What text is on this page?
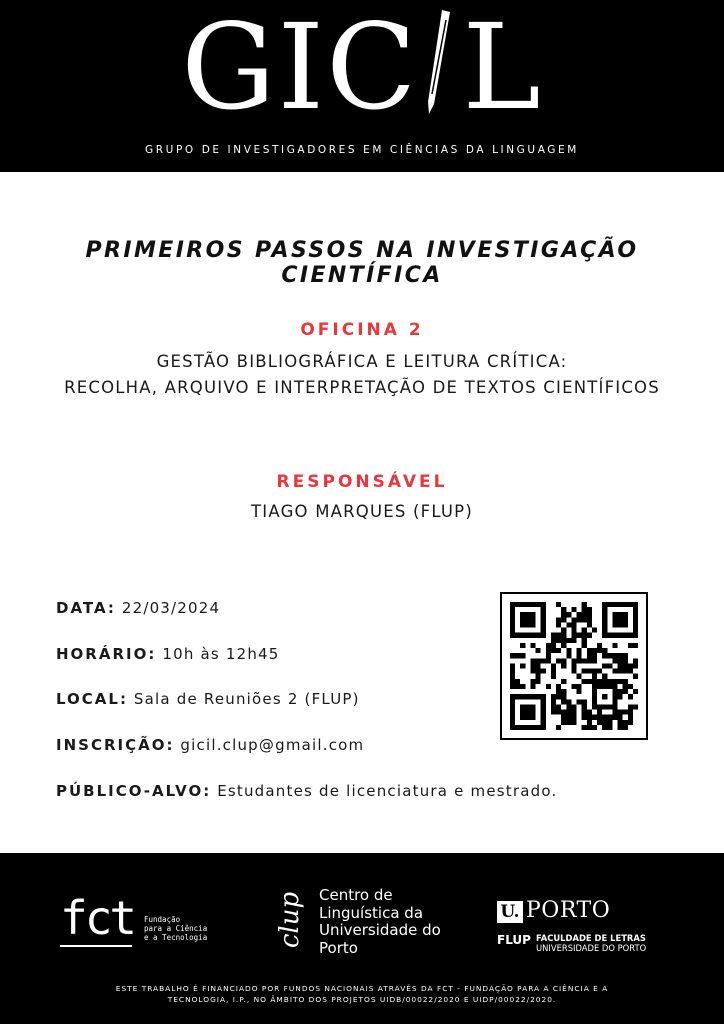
GIC L
GRUPO DE INVESTIGADORES EM CIÊNCIAS DA LINGUAGEM
PRIMEIROS PASSOS NA INVESTIGAÇÃO CIENTÍFICA
OFICINA 2
GESTÃO BIBLIOGRÁFICA E LEITURA CRÍTICA:
RECOLHA, ARQUIVO E INTERPRETAÇÃO DE TEXTOS CIENTÍFICOS
RESPONSÁVEL
TIAGO MARQUES (FLUP)
DATA: 22/03/2024
HORÁRIO: 10h às 12h45
LOCAL: Sala de Reuniões 2 (FLUP)
INSCRIÇÃO: gicil.clup@gmail.com
PÚBLICO-ALVO: Estudantes de licenciatura e mestrado.
fct Fundação
para a Ciência
e a Tecnologia	clup Centro de
Linguística da
Universidade do
Porto
U. PORTO
FLUP FACULDADE DE LETRAS
UNIVERSIDADE DO PORTO
ESTE TRABALHO É FINANCIADO POR FUNDOS NACIONAIS ATRAVÉS DA FCT - FUNDAÇÃO PARA A CIÊNCIA E A
TECNOLOGIA, I.P., NO ÂMBITO DOS PROJETOS UIDB/00022/2020 E UIDP/00022/2020.
